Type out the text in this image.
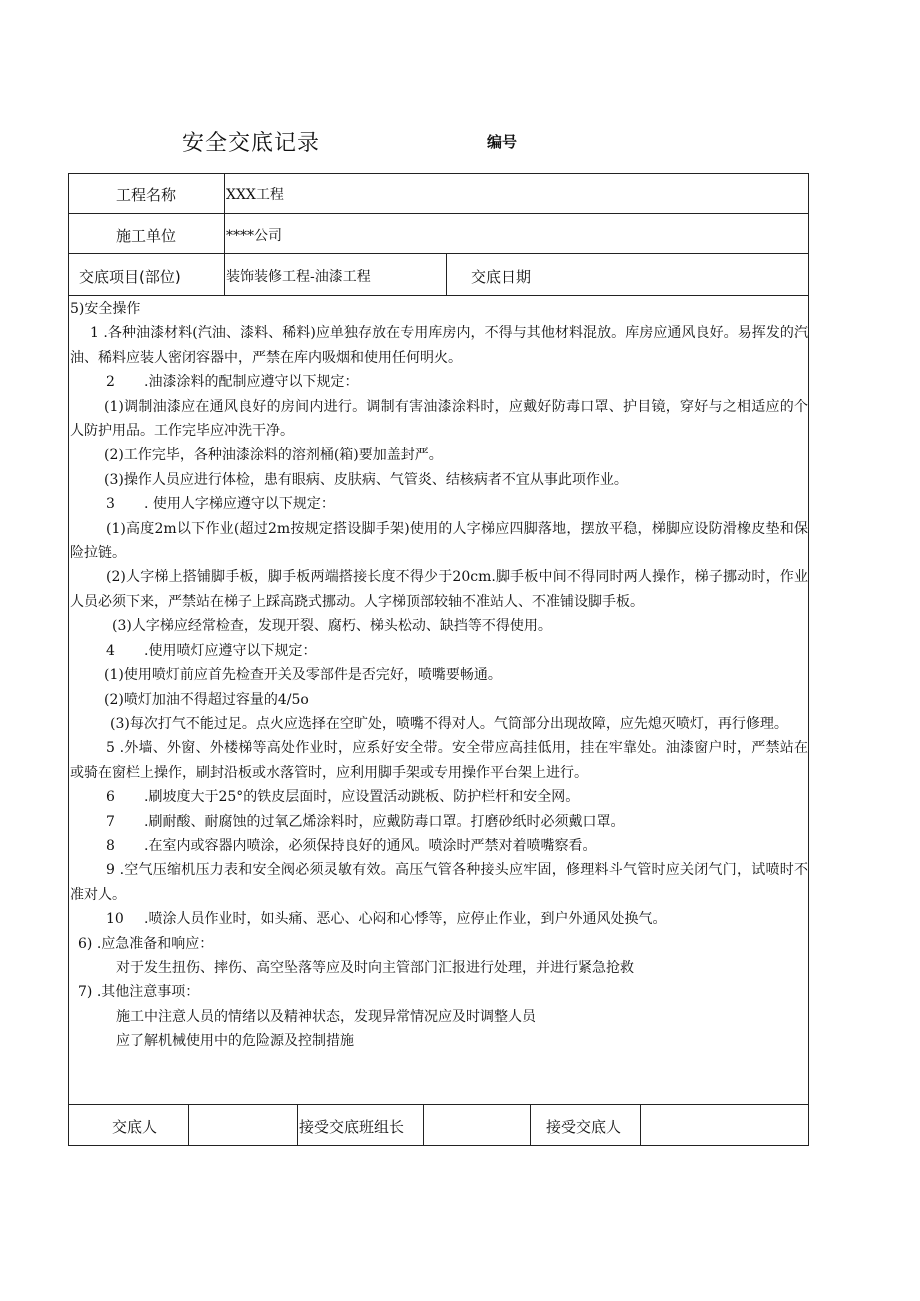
安全交底记录	编号
工程名称	XXX工程
施工单位	****公司
交底项目(部位)	装饰装修工程-油漆工程	交底日期

5)安全操作

1 .各种油漆材料(汽油、漆料、稀料)应单独存放在专用库房内，不得与其他材料混放。库房应通风良好。易挥发的汽油、稀料应装人密闭容器中，严禁在库内吸烟和使用任何明火。

2 .油漆涂料的配制应遵守以下规定：

(1)调制油漆应在通风良好的房间内进行。调制有害油漆涂料时，应戴好防毒口罩、护目镜，穿好与之相适应的个人防护用品。工作完毕应冲洗干净。

(2)工作完毕，各种油漆涂料的溶剂桶(箱)要加盖封严。

(3)操作人员应进行体检，患有眼病、皮肤病、气管炎、结核病者不宜从事此项作业。

3 . 使用人字梯应遵守以下规定：

(1)高度2m以下作业(超过2m按规定搭设脚手架)使用的人字梯应四脚落地，摆放平稳，梯脚应设防滑橡皮垫和保险拉链。

(2)人字梯上搭铺脚手板，脚手板两端搭接长度不得少于20cm.脚手板中间不得同时两人操作，梯子挪动时，作业人员必须下来，严禁站在梯子上踩高跷式挪动。人字梯顶部较轴不准站人、不准铺设脚手板。

(3)人字梯应经常检查，发现开裂、腐朽、梯头松动、缺挡等不得使用。

4 .使用喷灯应遵守以下规定：

(1)使用喷灯前应首先检查开关及零部件是否完好，喷嘴要畅通。

(2)喷灯加油不得超过容量的4/5o

(3)每次打气不能过足。点火应选择在空旷处，喷嘴不得对人。气筒部分出现故障，应先熄灭喷灯，再行修理。

5 .外墙、外窗、外楼梯等高处作业时，应系好安全带。安全带应高挂低用，挂在牢靠处。油漆窗户时，严禁站在或骑在窗栏上操作，刷封沿板或水落管时，应利用脚手架或专用操作平台架上进行。

6 .刷坡度大于25°的铁皮层面时，应设置活动跳板、防护栏杆和安全网。

7 .刷耐酸、耐腐蚀的过氧乙烯涂料时，应戴防毒口罩。打磨砂纸时必须戴口罩。

8 .在室内或容器内喷涂，必须保持良好的通风。喷涂时严禁对着喷嘴察看。

9 .空气压缩机压力表和安全阀必须灵敏有效。高压气管各种接头应牢固，修理料斗气管时应关闭气门，试喷时不准对人。

10 .喷涂人员作业时，如头痛、恶心、心闷和心悸等，应停止作业，到户外通风处换气。

6) .应急准备和响应：

对于发生扭伤、摔伤、高空坠落等应及时向主管部门汇报进行处理，并进行紧急抢救

7) .其他注意事项：

施工中注意人员的情绪以及精神状态，发现异常情况应及时调整人员

应了解机械使用中的危险源及控制措施

交底人	接受交底班组长	接受交底人
